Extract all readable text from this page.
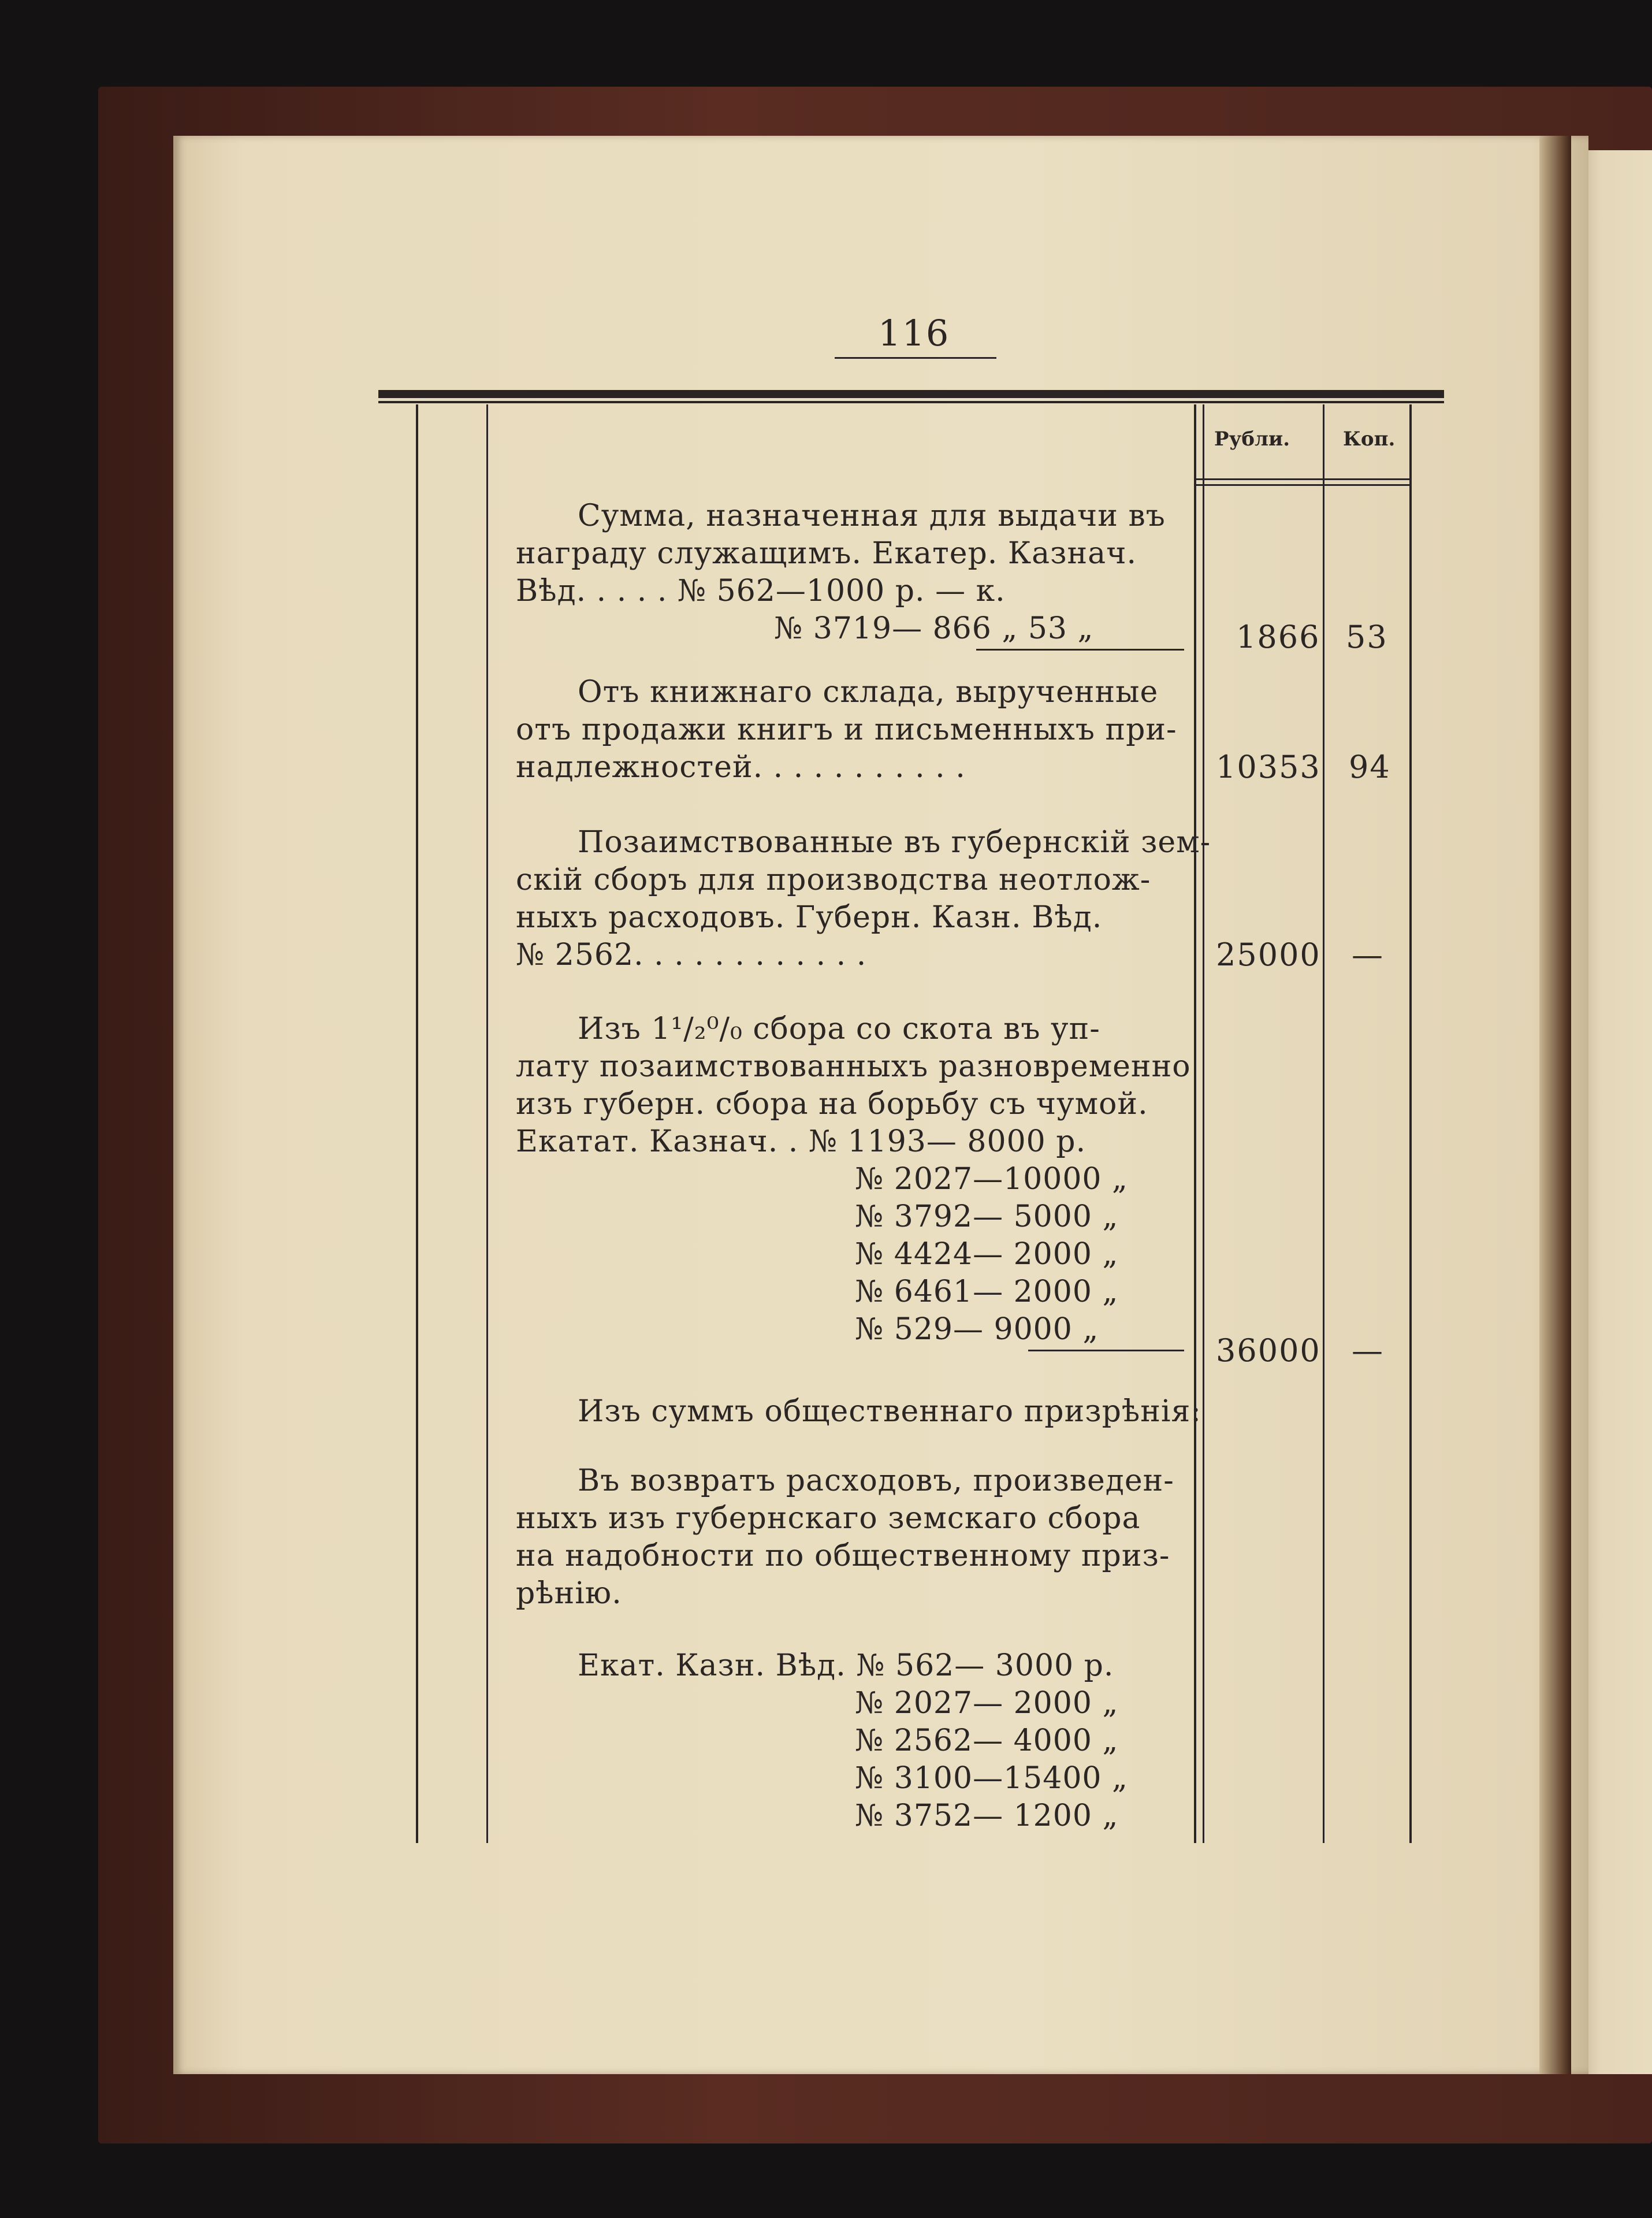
116
Рубли.	Коп.
Сумма, назначенная для выдачи въ
награду служащимъ. Екатер. Казнач.
Вѣд. . . . . № 562—1000 р. — к.
№ 3719— 866 „ 53 „	1866 53
Отъ книжнаго склада, вырученные
отъ продажи книгъ и письменныхъ при-
надлежностей. . . . . . . . . . .	10353 94
Позаимствованные въ губернскій зем-
скій сборъ для производства неотлож-
ныхъ расходовъ. Губерн. Казн. Вѣд.
№ 2562. . . . . . . . . . . .	25000 —
Изъ 1¹/₂⁰/₀ сбора со скота въ уп-
лату позаимствованныхъ разновременно
изъ губерн. сбора на борьбу съ чумой.
Екатат. Казнач. . № 1193— 8000 р.
№ 2027—10000 „
№ 3792— 5000 „
№ 4424— 2000 „
№ 6461— 2000 „
№ 529— 9000 „
36000 —
Изъ суммъ общественнаго призрѣнія:
Въ возвратъ расходовъ, произведен-
ныхъ изъ губернскаго земскаго сбора
на надобности по общественному приз-
рѣнію.
Екат. Казн. Вѣд. № 562— 3000 р.
№ 2027— 2000 „
№ 2562— 4000 „
№ 3100—15400 „
№ 3752— 1200 „
